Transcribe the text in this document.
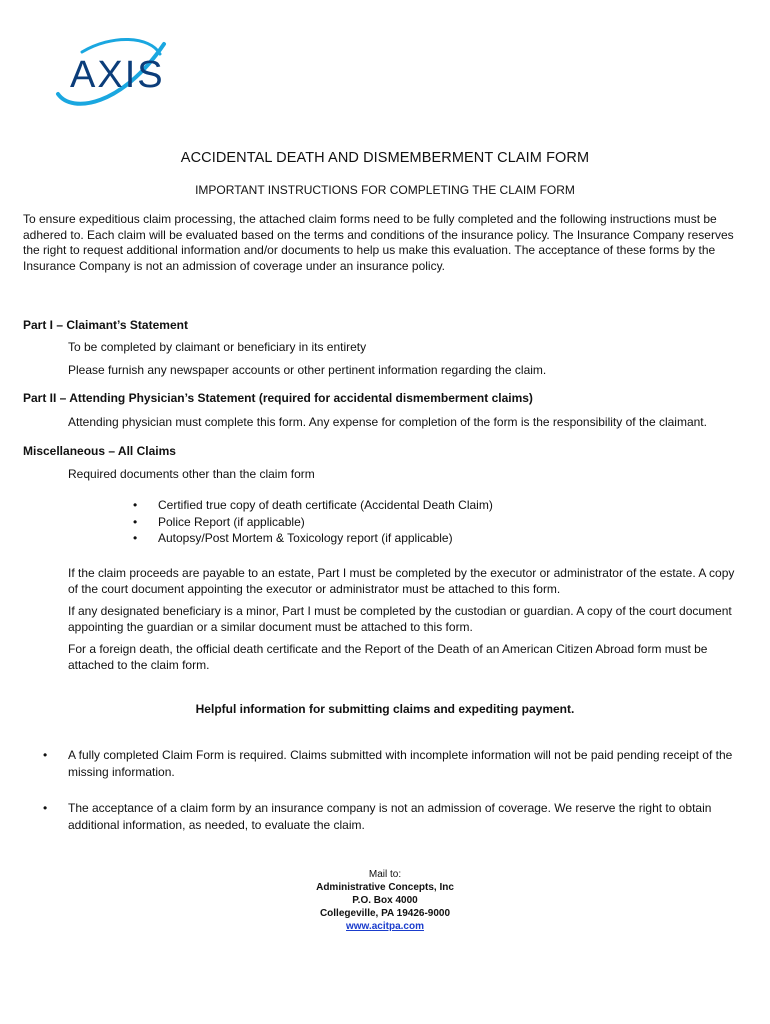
AXIS
ACCIDENTAL DEATH AND DISMEMBERMENT CLAIM FORM
IMPORTANT INSTRUCTIONS FOR COMPLETING THE CLAIM FORM

To ensure expeditious claim processing, the attached claim forms need to be fully completed and the following instructions must be adhered to. Each claim will be evaluated based on the terms and conditions of the insurance policy. The Insurance Company reserves the right to request additional information and/or documents to help us make this evaluation. The acceptance of these forms by the Insurance Company is not an admission of coverage under an insurance policy.

Part I – Claimant’s Statement

To be completed by claimant or beneficiary in its entirety

Please furnish any newspaper accounts or other pertinent information regarding the claim.

Part II – Attending Physician’s Statement (required for accidental dismemberment claims)

Attending physician must complete this form. Any expense for completion of the form is the responsibility of the claimant.

Miscellaneous – All Claims

Required documents other than the claim form

• Certified true copy of death certificate (Accidental Death Claim)
• Police Report (if applicable)
• Autopsy/Post Mortem & Toxicology report (if applicable)

If the claim proceeds are payable to an estate, Part I must be completed by the executor or administrator of the estate. A copy of the court document appointing the executor or administrator must be attached to this form.

If any designated beneficiary is a minor, Part I must be completed by the custodian or guardian. A copy of the court document appointing the guardian or a similar document must be attached to this form.

For a foreign death, the official death certificate and the Report of the Death of an American Citizen Abroad form must be attached to the claim form.

Helpful information for submitting claims and expediting payment.
• A fully completed Claim Form is required. Claims submitted with incomplete information will not be paid pending receipt of the missing information.
• The acceptance of a claim form by an insurance company is not an admission of coverage. We reserve the right to obtain additional information, as needed, to evaluate the claim.
Mail to:
Administrative Concepts, Inc
P.O. Box 4000
Collegeville, PA 19426-9000
www.acitpa.com
